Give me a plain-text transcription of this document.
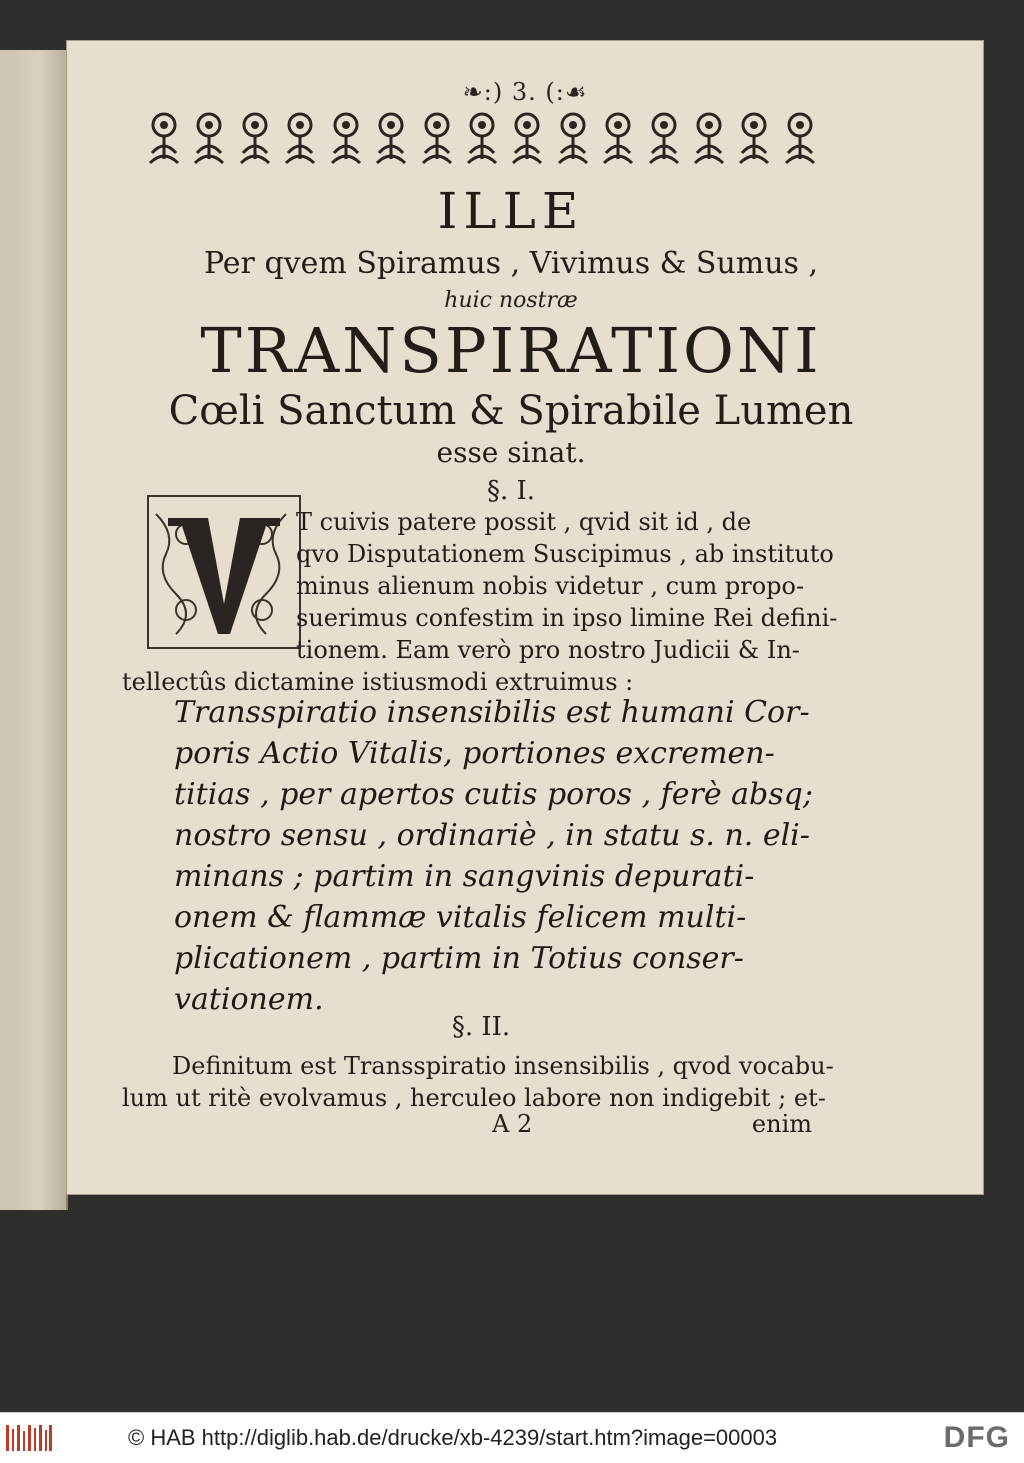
❧:) 3. (:☙
ILLE
Per qvem Spiramus , Vivimus & Sumus ,
huic nostræ
TRANSPIRATIONI
Cœli Sanctum & Spirabile Lumen
esse sinat.
§. I.
T cuivis patere possit , qvid sit id , de
qvo Disputationem Suscipimus , ab instituto
minus alienum nobis videtur , cum propo-
suerimus confestim in ipso limine Rei defini-
tionem. Eam verò pro nostro Judicii & In-
tellectûs dictamine istiusmodi extruimus :
Transspiratio insensibilis est humani Cor-
poris Actio Vitalis, portiones excremen-
titias , per apertos cutis poros , ferè absq;
nostro sensu , ordinariè , in statu s. n. eli-
minans ; partim in sangvinis depurati-
onem & flammæ vitalis felicem multi-
plicationem , partim in Totius conser-
vationem.
§. II.
Definitum est Transspiratio insensibilis , qvod vocabu-
lum ut ritè evolvamus , herculeo labore non indigebit ; et-
A 2	enim
© HAB http://diglib.hab.de/drucke/xb-4239/start.htm?image=00003	DFG
